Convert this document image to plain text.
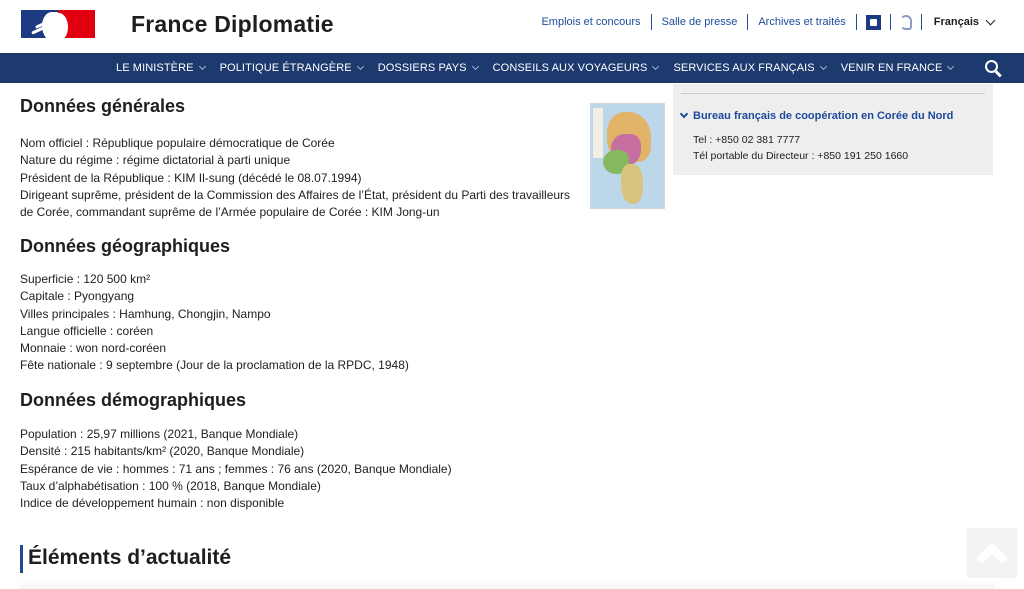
France Diplomatie	Emplois et concours	Salle de presse	Archives et traités	Français
LE MINISTÈRE POLITIQUE ÉTRANGÈRE DOSSIERS PAYS CONSEILS AUX VOYAGEURS SERVICES AUX FRANÇAIS VENIR EN FRANCE
Données générales
Nom officiel : République populaire démocratique de Corée
Nature du régime : régime dictatorial à parti unique
Président de la République : KIM Il-sung (décédé le 08.07.1994)
Dirigeant suprême, président de la Commission des Affaires de l’État, président du Parti des travailleurs
de Corée, commandant suprême de l’Armée populaire de Corée : KIM Jong-un
Données géographiques
Superficie : 120 500 km²
Capitale : Pyongyang
Villes principales : Hamhung, Chongjin, Nampo
Langue officielle : coréen
Monnaie : won nord-coréen
Fête nationale : 9 septembre (Jour de la proclamation de la RPDC, 1948)
Données démographiques
Population : 25,97 millions (2021, Banque Mondiale)
Densité : 215 habitants/km² (2020, Banque Mondiale)
Espérance de vie : hommes : 71 ans ; femmes : 76 ans (2020, Banque Mondiale)
Taux d’alphabétisation : 100 % (2018, Banque Mondiale)
Indice de développement humain : non disponible
Bureau français de coopération en Corée du Nord
Tel : +850 02 381 7777
Tél portable du Directeur : +850 191 250 1660
Éléments d’actualité
